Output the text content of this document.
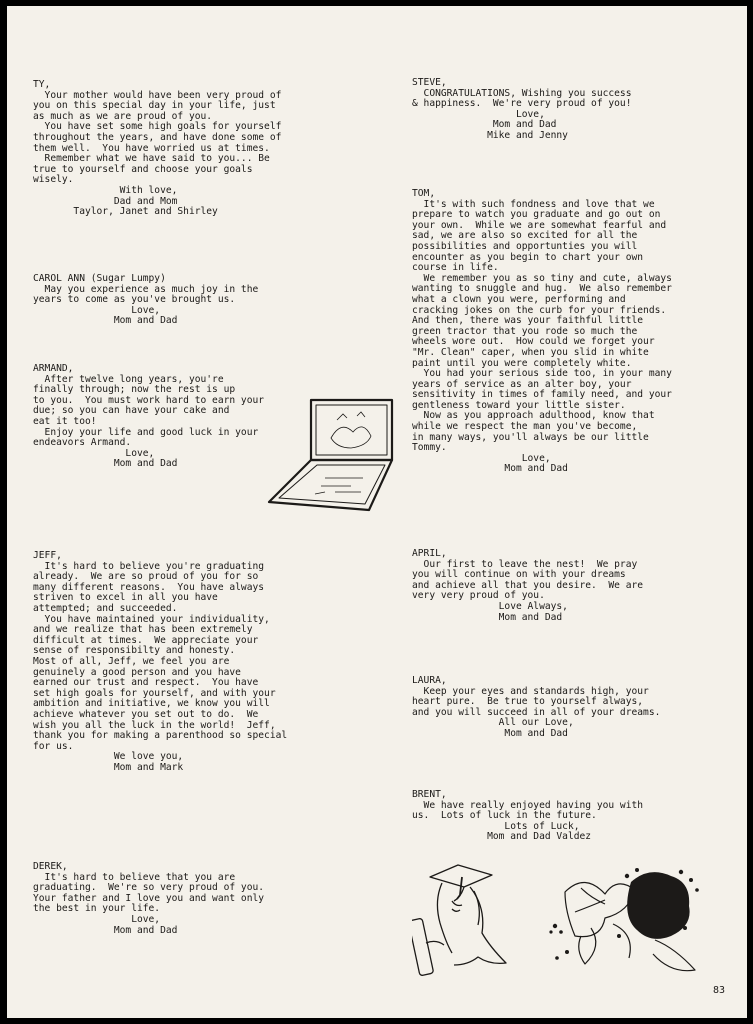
TY,
Your mother would have been very proud of
you on this special day in your life, just
as much as we are proud of you.
You have set some high goals for yourself
throughout the years, and have done some of
them well.  You have worried us at times.
Remember what we have said to you... Be
true to yourself and choose your goals
wisely.
With love,
Dad and Mom
Taylor, Janet and Shirley
CAROL ANN (Sugar Lumpy)
May you experience as much joy in the
years to come as you've brought us.
Love,
Mom and Dad
ARMAND,
After twelve long years, you're
finally through; now the rest is up
to you.  You must work hard to earn your
due; so you can have your cake and
eat it too!
Enjoy your life and good luck in your
endeavors Armand.
Love,
Mom and Dad
JEFF,
It's hard to believe you're graduating
already.  We are so proud of you for so
many different reasons.  You have always
striven to excel in all you have
attempted; and succeeded.
You have maintained your individuality,
and we realize that has been extremely
difficult at times.  We appreciate your
sense of responsibilty and honesty.
Most of all, Jeff, we feel you are
genuinely a good person and you have
earned our trust and respect.  You have
set high goals for yourself, and with your
ambition and initiative, we know you will
achieve whatever you set out to do.  We
wish you all the luck in the world!  Jeff,
thank you for making a parenthood so special
for us.
We love you,
Mom and Mark
DEREK,
It's hard to believe that you are
graduating.  We're so very proud of you.
Your father and I love you and want only
the best in your life.
Love,
Mom and Dad
STEVE,
CONGRATULATIONS, Wishing you success
& happiness.  We're very proud of you!
Love,
Mom and Dad
Mike and Jenny
TOM,
It's with such fondness and love that we
prepare to watch you graduate and go out on
your own.  While we are somewhat fearful and
sad, we are also so excited for all the
possibilities and opportunties you will
encounter as you begin to chart your own
course in life.
We remember you as so tiny and cute, always
wanting to snuggle and hug.  We also remember
what a clown you were, performing and
cracking jokes on the curb for your friends.
And then, there was your faithful little
green tractor that you rode so much the
wheels wore out.  How could we forget your
"Mr. Clean" caper, when you slid in white
paint until you were completely white.
You had your serious side too, in your many
years of service as an alter boy, your
sensitivity in times of family need, and your
gentleness toward your little sister.
Now as you approach adulthood, know that
while we respect the man you've become,
in many ways, you'll always be our little
Tommy.
Love,
Mom and Dad
APRIL,
Our first to leave the nest!  We pray
you will continue on with your dreams
and achieve all that you desire.  We are
very very proud of you.
Love Always,
Mom and Dad
LAURA,
Keep your eyes and standards high, your
heart pure.  Be true to yourself always,
and you will succeed in all of your dreams.
All our Love,
Mom and Dad
BRENT,
We have really enjoyed having you with
us.  Lots of luck in the future.
Lots of Luck,
Mom and Dad Valdez
83
